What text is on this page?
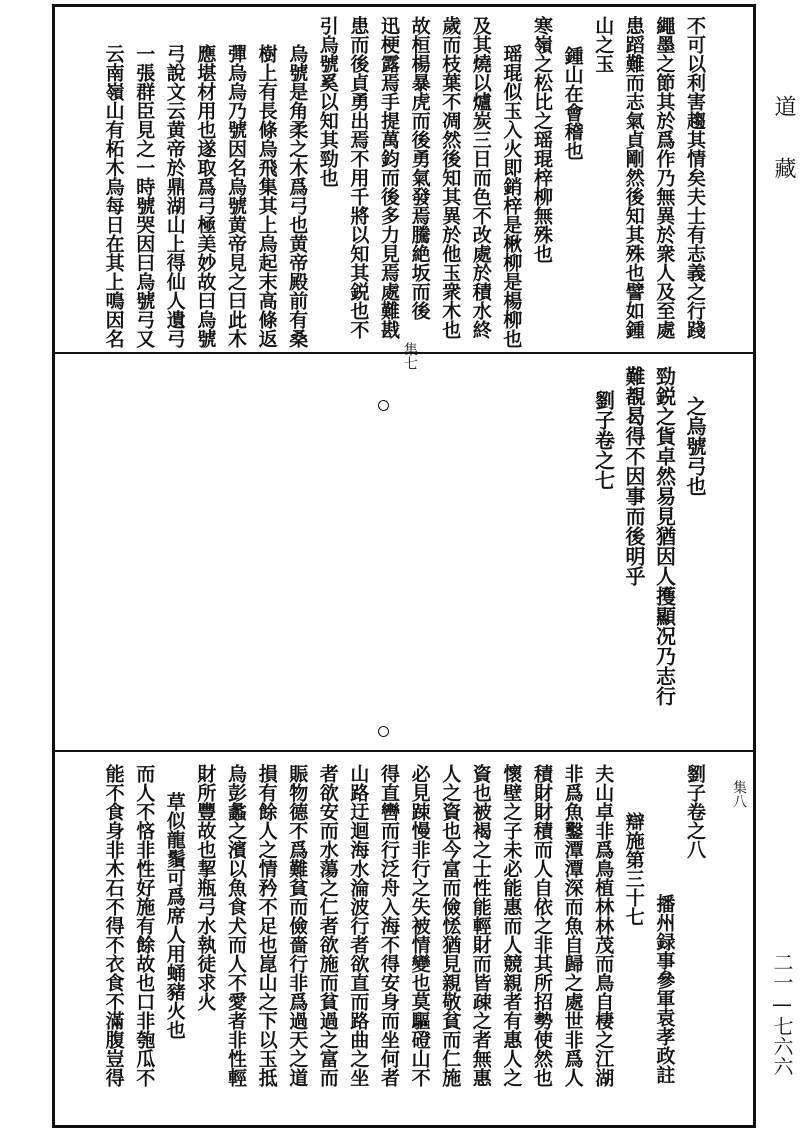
道藏
二一—七六六
不可以利害趨其情矣夫士有志義之行踐
繩墨之節其於爲作乃無異於衆人及至處
患蹈難而志氣貞剛然後知其殊也譬如鍾
山之玉
鍾山在會稽也
寒嶺之松比之瑶琨梓柳無殊也
瑶琨似玉入火即銷梓是楸柳是楊柳也
及其燒以爐炭三日而色不改處於積水終
歲而枝葉不凋然後知其異於他玉衆木也
故桓楊暴虎而後勇氣發焉騰絶坂而後
迅梗露焉手提萬鈞而後多力見焉處難戡
患而後貞勇出焉不用千將以知其鋭也不
引烏號奚以知其勁也
烏號是角柔之木爲弓也黄帝殿前有桑
樹上有長條烏飛集其上烏起末高條返
彈烏烏乃號因名烏號黄帝見之曰此木
應堪材用也遂取爲弓極美妙故曰烏號
弓說文云黄帝於鼎湖山上得仙人遺弓
一張群臣見之一時號哭因曰烏號弓又
云南嶺山有柘木烏每日在其上鳴因名
之烏號弓也
勁鋭之貨卓然易見猶因人擭顯况乃志行
難覩曷得不因事而後明乎
劉子卷之七
劉子卷之八
播州録事參軍袁孝政註
辯施第三十七
夫山卓非爲鳥植林林茂而鳥自棲之江湖
非爲魚鑿潭潭深而魚自歸之處世非爲人
積財財積而人自依之非其所招勢使然也
懷壁之子未必能惠而人競親者有惠人之
資也被褐之士性能輕財而皆疎之者無惠
人之資也今富而儉恡猶見親敬貧而仁施
必見踈慢非行之失被情變也莫驅磴山不
得直轡而行泛舟入海不得安身而坐何者
山路迂迴海水淪波行者欲直而路曲之坐
者欲安而水蕩之仁者欲施而貧過之富而
賑物德不爲難貧而儉嗇行非爲過天之道
損有餘人之情矜不足也崑山之下以玉抵
烏彭蠡之濱以魚食犬而人不愛者非性輕
財所豐故也挈瓶弓水執徒求火
草似龍鬚可爲席人用蛹豬火也
而人不悋非性好施有餘故也口非匏瓜不
能不食身非木石不得不衣食不滿腹豈得
集七
集八
